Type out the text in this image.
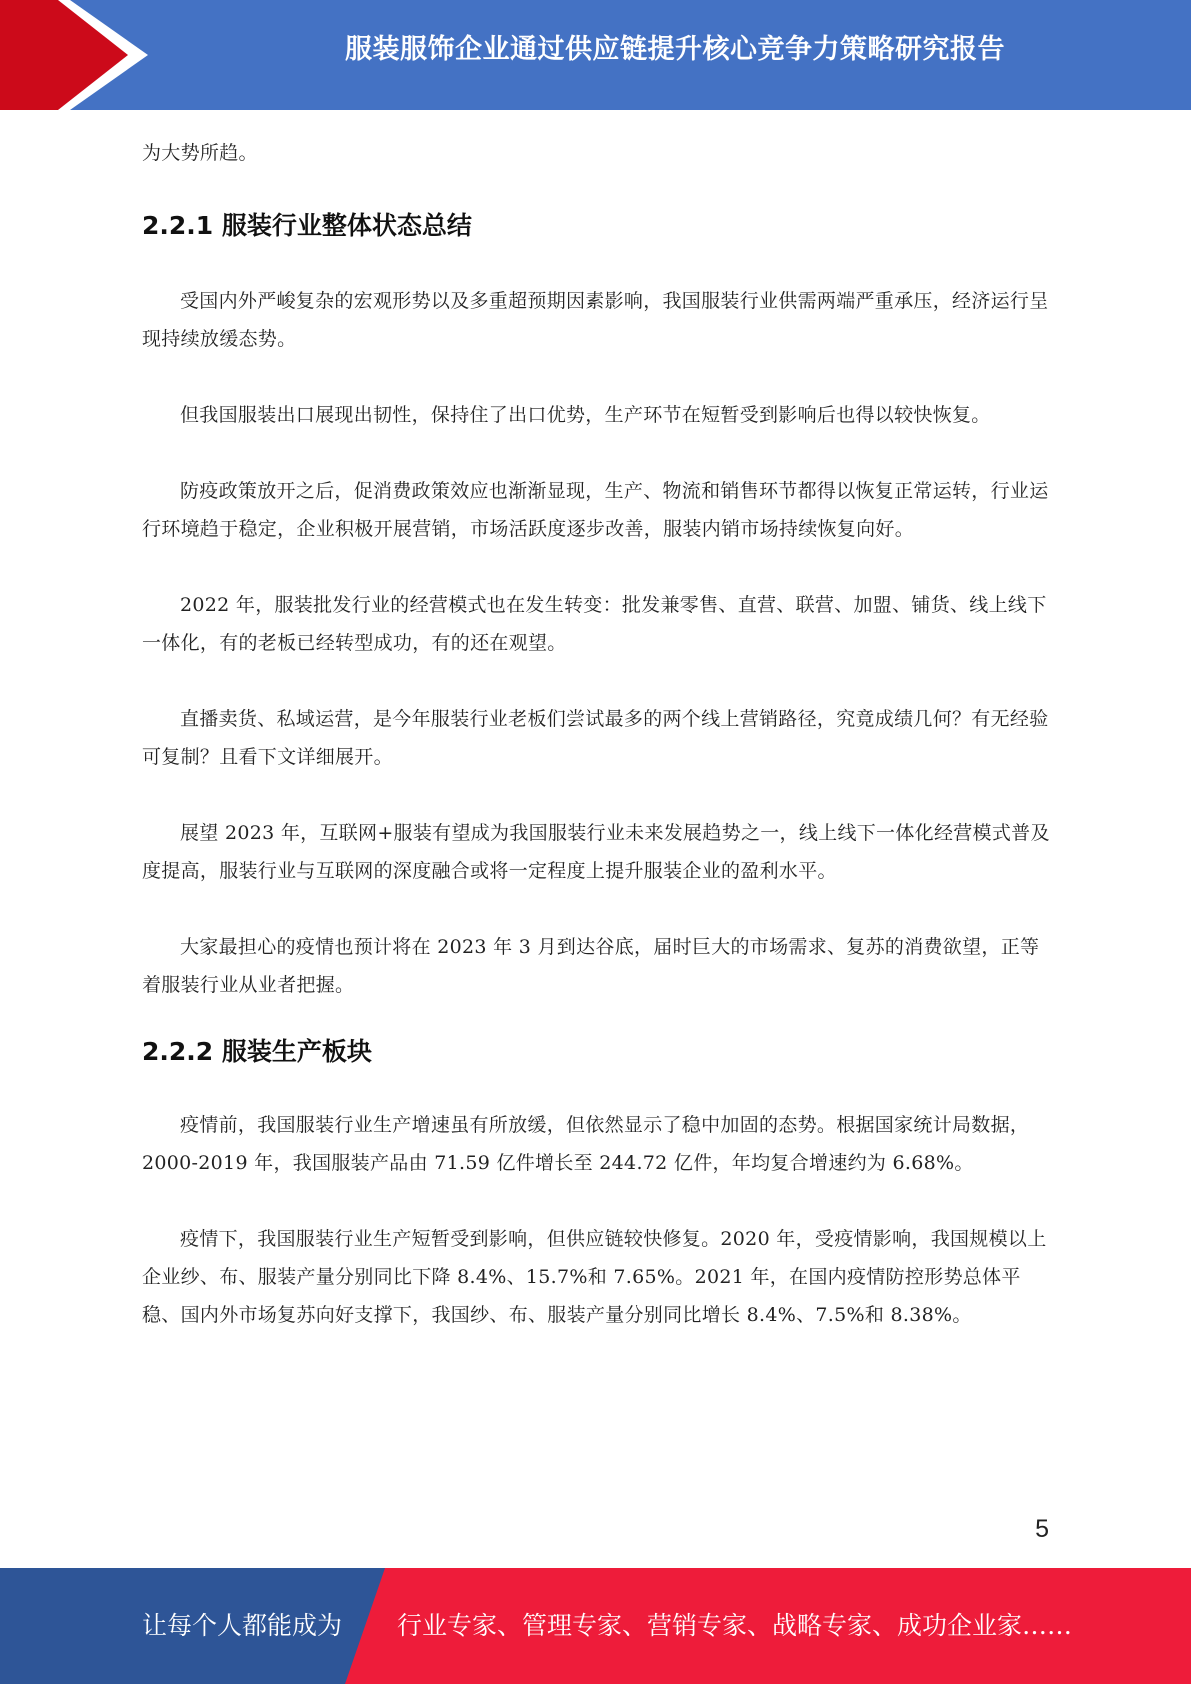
服装服饰企业通过供应链提升核心竞争力策略研究报告

为大势所趋。

2.2.1 服装行业整体状态总结

受国内外严峻复杂的宏观形势以及多重超预期因素影响，我国服装行业供需两端严重承压，经济运行呈现持续放缓态势。

但我国服装出口展现出韧性，保持住了出口优势，生产环节在短暂受到影响后也得以较快恢复。

防疫政策放开之后，促消费政策效应也渐渐显现，生产、物流和销售环节都得以恢复正常运转，行业运行环境趋于稳定，企业积极开展营销，市场活跃度逐步改善，服装内销市场持续恢复向好。

2022 年，服装批发行业的经营模式也在发生转变：批发兼零售、直营、联营、加盟、铺货、线上线下一体化，有的老板已经转型成功，有的还在观望。

直播卖货、私域运营，是今年服装行业老板们尝试最多的两个线上营销路径，究竟成绩几何？有无经验可复制？且看下文详细展开。

展望 2023 年，互联网+服装有望成为我国服装行业未来发展趋势之一，线上线下一体化经营模式普及度提高，服装行业与互联网的深度融合或将一定程度上提升服装企业的盈利水平。

大家最担心的疫情也预计将在 2023 年 3 月到达谷底，届时巨大的市场需求、复苏的消费欲望，正等着服装行业从业者把握。

2.2.2 服装生产板块

疫情前，我国服装行业生产增速虽有所放缓，但依然显示了稳中加固的态势。根据国家统计局数据，2000-2019 年，我国服装产品由 71.59 亿件增长至 244.72 亿件，年均复合增速约为 6.68%。

疫情下，我国服装行业生产短暂受到影响，但供应链较快修复。2020 年，受疫情影响，我国规模以上企业纱、布、服装产量分别同比下降 8.4%、15.7%和 7.65%。2021 年，在国内疫情防控形势总体平稳、国内外市场复苏向好支撑下，我国纱、布、服装产量分别同比增长 8.4%、7.5%和 8.38%。

5
让每个人都能成为 行业专家、管理专家、营销专家、战略专家、成功企业家……
